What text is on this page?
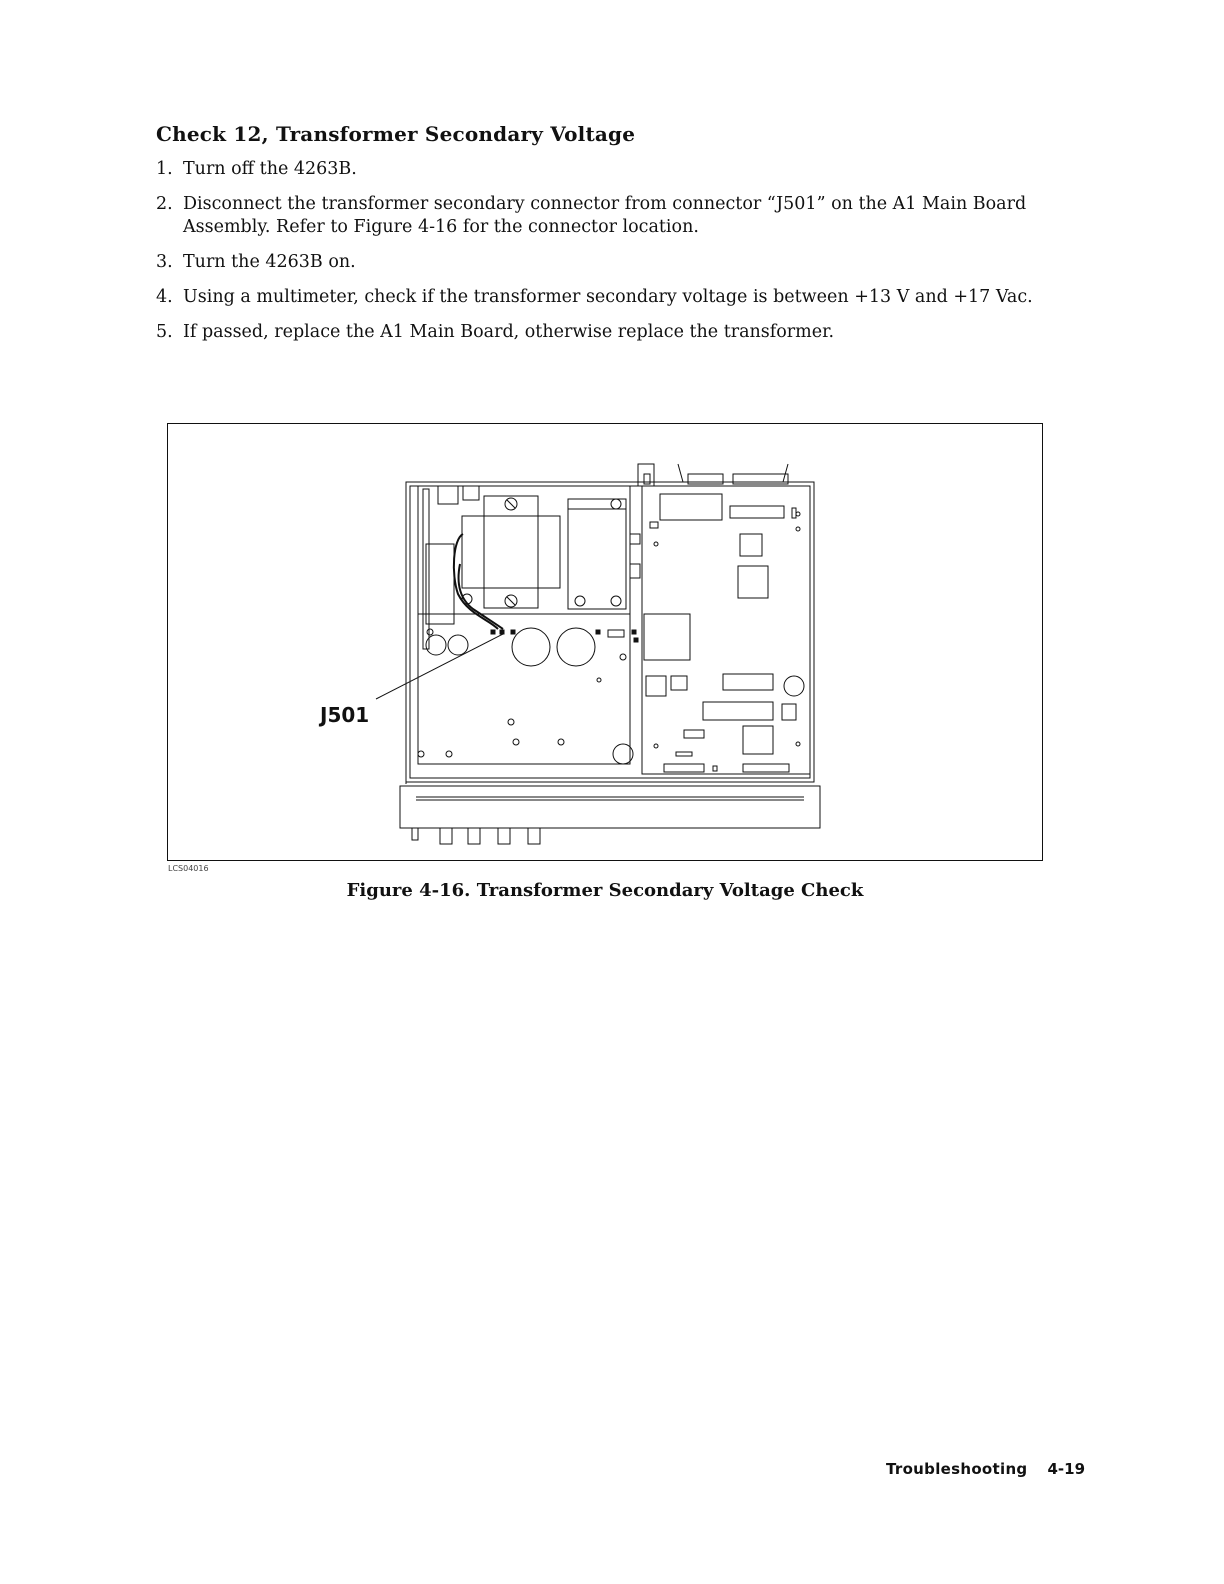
Check 12, Transformer Secondary Voltage
1. Turn off the 4263B.
2. Disconnect the transformer secondary connector from connector “J501” on the A1 Main Board Assembly. Refer to Figure 4-16 for the connector location.
3. Turn the 4263B on.
4. Using a multimeter, check if the transformer secondary voltage is between +13 V and +17 Vac.
5. If passed, replace the A1 Main Board, otherwise replace the transformer.
J501
LCS04016

Figure 4-16. Transformer Secondary Voltage Check

Troubleshooting 4-19
